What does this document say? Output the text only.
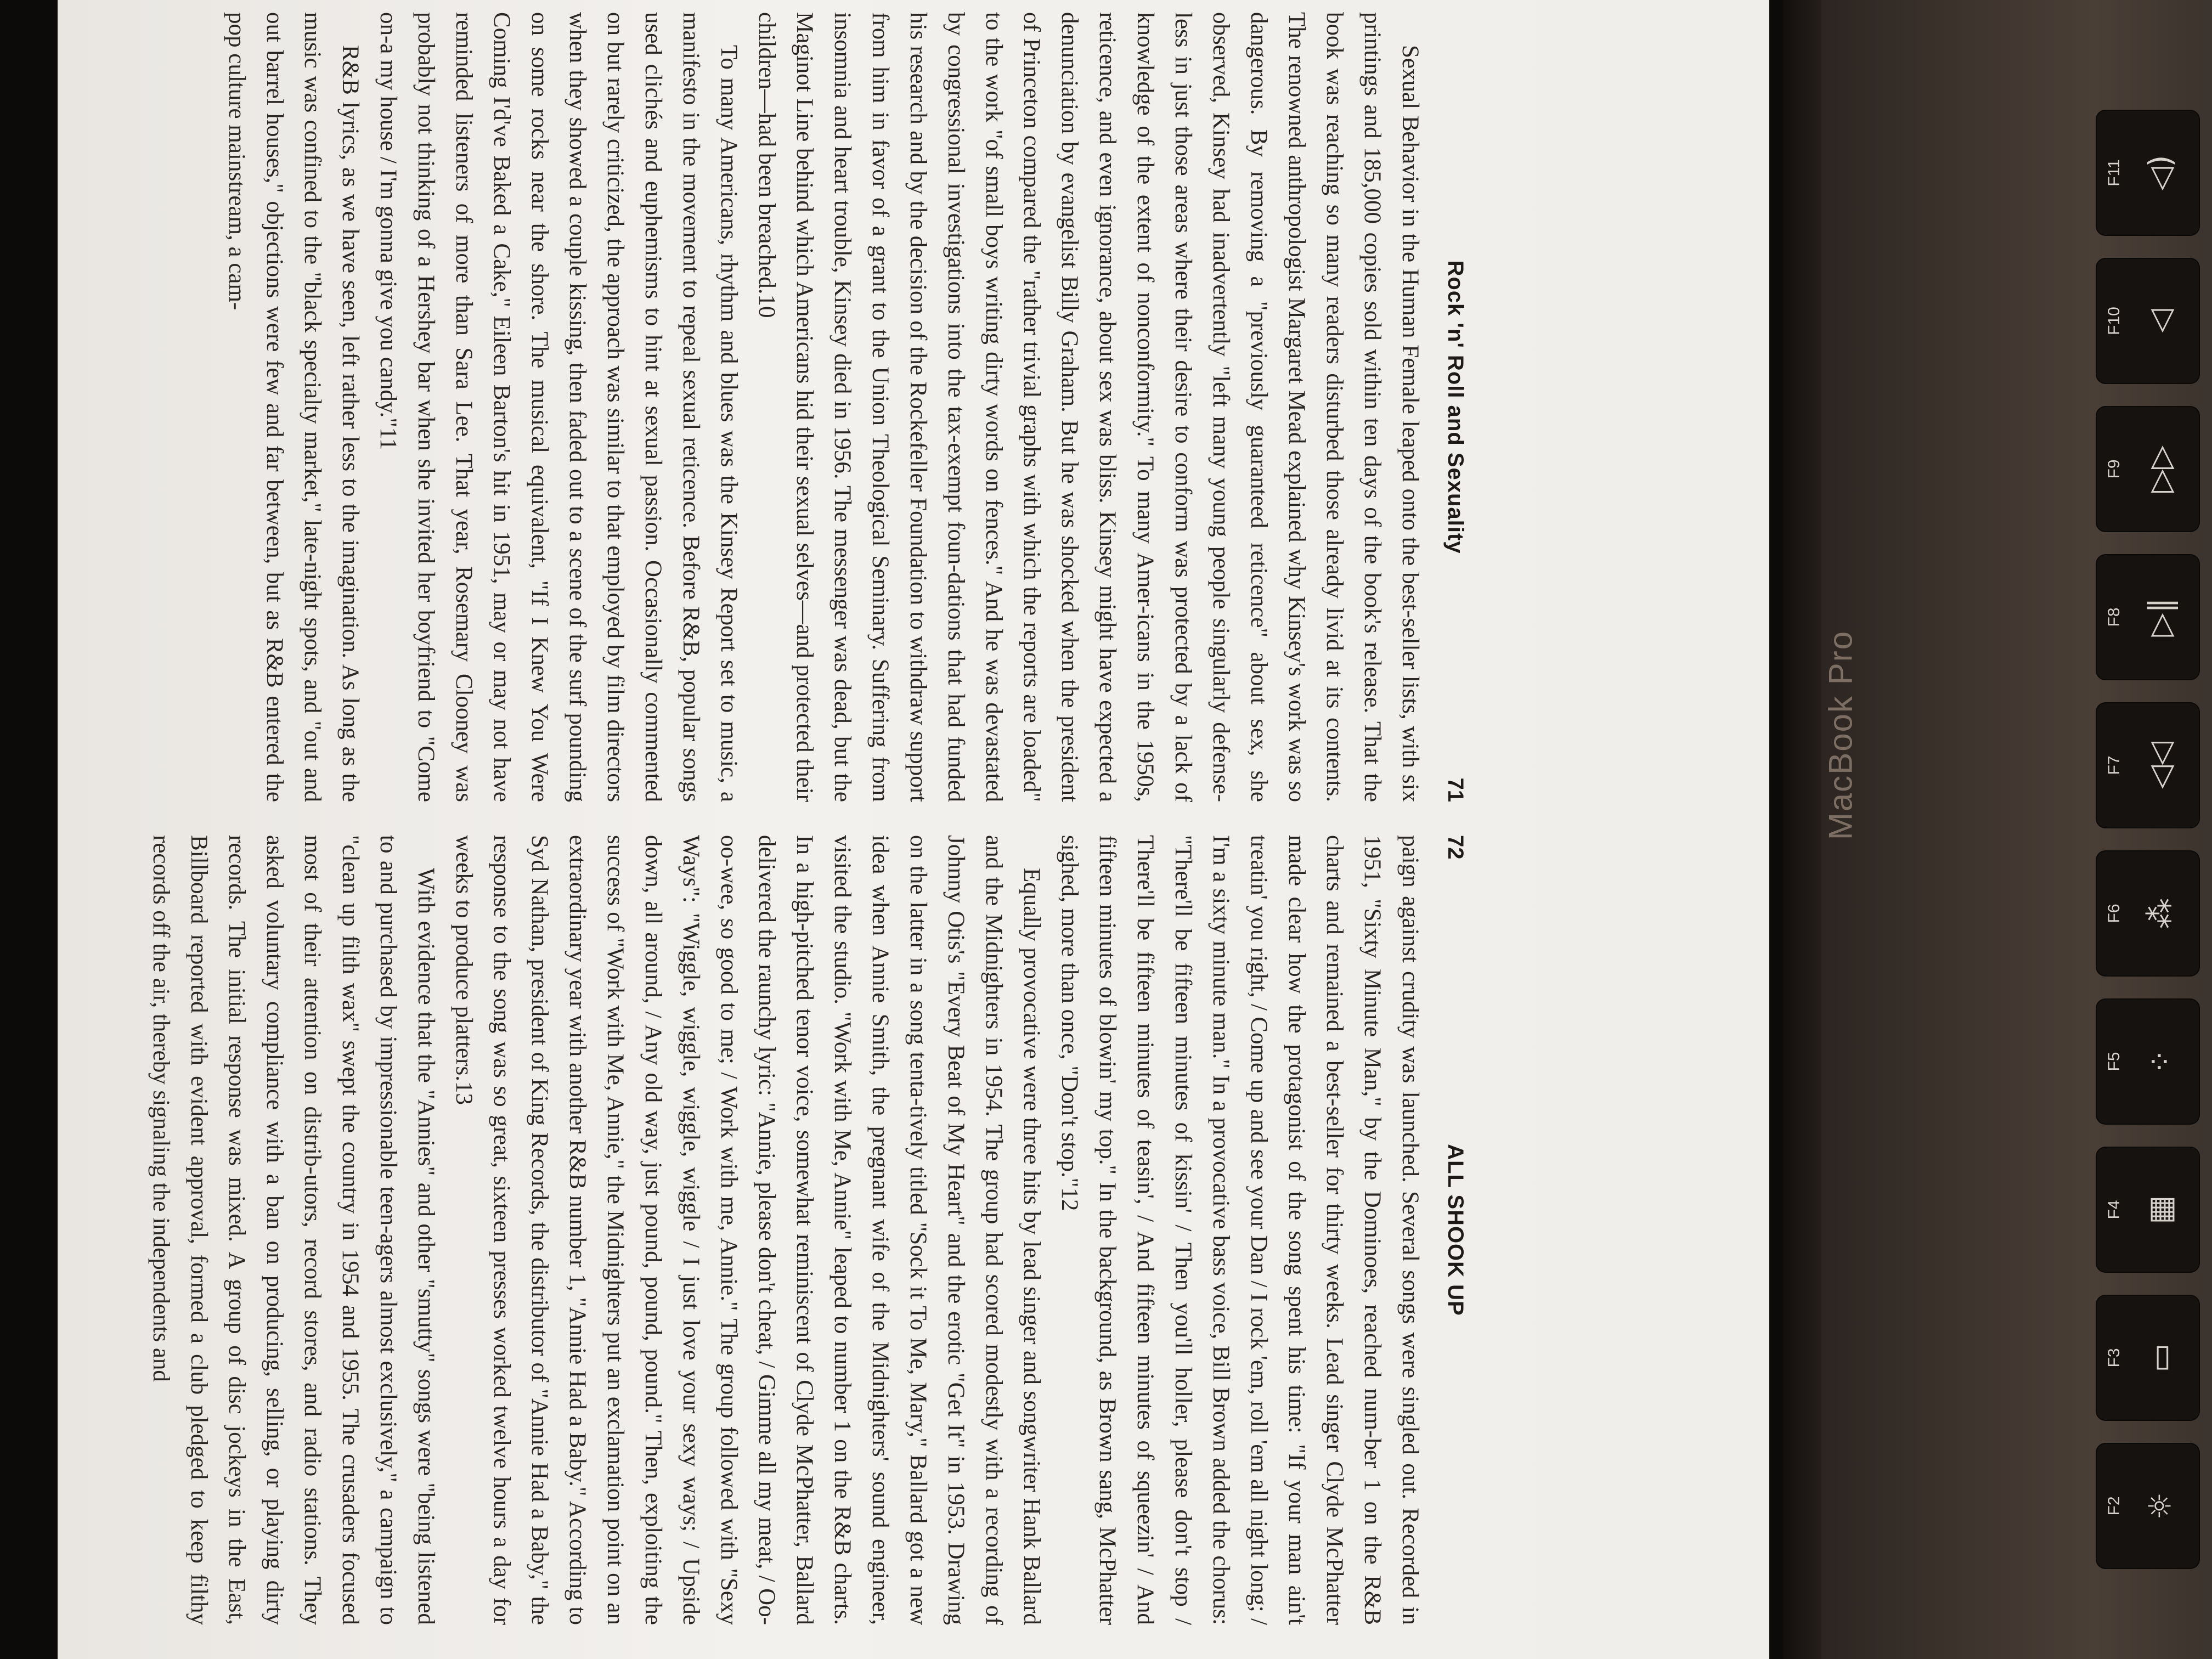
Rock 'n' Roll and Sexuality
71

Sexual Behavior in the Human Female leaped onto the best-seller lists, with six printings and 185,000 copies sold within ten days of the book's release. That the book was reaching so many readers disturbed those already livid at its contents. The renowned anthropologist Margaret Mead explained why Kinsey's work was so dangerous. By removing a "previously guaranteed reticence" about sex, she observed, Kinsey had inadvertently "left many young people singularly defense-less in just those areas where their desire to conform was protected by a lack of knowledge of the extent of nonconformity." To many Amer-icans in the 1950s, reticence, and even ignorance, about sex was bliss. Kinsey might have expected a denunciation by evangelist Billy Graham. But he was shocked when the president of Princeton compared the "rather trivial graphs with which the reports are loaded" to the work "of small boys writing dirty words on fences." And he was devastated by congressional investigations into the tax-exempt foun-dations that had funded his research and by the decision of the Rockefeller Foundation to withdraw support from him in favor of a grant to the Union Theological Seminary. Suffering from insomnia and heart trouble, Kinsey died in 1956. The messenger was dead, but the Maginot Line behind which Americans hid their sexual selves—and protected their children—had been breached.10

To many Americans, rhythm and blues was the Kinsey Report set to music, a manifesto in the movement to repeal sexual reticence. Before R&B, popular songs used clichés and euphemisms to hint at sexual passion. Occasionally commented on but rarely criticized, the approach was similar to that employed by film directors when they showed a couple kissing, then faded out to a scene of the surf pounding on some rocks near the shore. The musical equivalent, "If I Knew You Were Coming I'd've Baked a Cake," Eileen Barton's hit in 1951, may or may not have reminded listeners of more than Sara Lee. That year, Rosemary Clooney was probably not thinking of a Hershey bar when she invited her boyfriend to "Come on-a my house / I'm gonna give you candy."11

R&B lyrics, as we have seen, left rather less to the imagination. As long as the music was confined to the "black specialty market," late-night spots, and "out and out barrel houses," objections were few and far between, but as R&B entered the pop culture mainstream, a cam-

72
ALL SHOOK UP

paign against crudity was launched. Several songs were singled out. Recorded in 1951, "Sixty Minute Man," by the Dominoes, reached num-ber 1 on the R&B charts and remained a best-seller for thirty weeks. Lead singer Clyde McPhatter made clear how the protagonist of the song spent his time: "If your man ain't treatin' you right, / Come up and see your Dan / I rock 'em, roll 'em all night long; / I'm a sixty minute man." In a provocative bass voice, Bill Brown added the chorus: "There'll be fifteen minutes of kissin' / Then you'll holler, please don't stop / There'll be fifteen minutes of teasin', / And fifteen minutes of squeezin' / And fifteen minutes of blowin' my top." In the background, as Brown sang, McPhatter sighed, more than once, "Don't stop."12

Equally provocative were three hits by lead singer and songwriter Hank Ballard and the Midnighters in 1954. The group had scored modestly with a recording of Johnny Otis's "Every Beat of My Heart" and the erotic "Get It" in 1953. Drawing on the latter in a song tenta-tively titled "Sock it To Me, Mary," Ballard got a new idea when Annie Smith, the pregnant wife of the Midnighters' sound engineer, visited the studio. "Work with Me, Annie" leaped to number 1 on the R&B charts. In a high-pitched tenor voice, somewhat reminiscent of Clyde McPhatter, Ballard delivered the raunchy lyric: "Annie, please don't cheat, / Gimme all my meat, / Oo-oo-wee, so good to me; / Work with me, Annie." The group followed with "Sexy Ways": "Wiggle, wiggle, wiggle, wiggle / I just love your sexy ways; / Upside down, all around, / Any old way, just pound, pound, pound." Then, exploiting the success of "Work with Me, Annie," the Midnighters put an exclamation point on an extraordinary year with another R&B number 1, "Annie Had a Baby." According to Syd Nathan, president of King Records, the distributor of "Annie Had a Baby," the response to the song was so great, sixteen presses worked twelve hours a day for weeks to produce platters.13

With evidence that the "Annies" and other "smutty" songs were "being listened to and purchased by impressionable teen-agers almost exclusively," a campaign to "clean up filth wax" swept the country in 1954 and 1955. The crusaders focused most of their attention on distrib-utors, record stores, and radio stations. They asked voluntary compliance with a ban on producing, selling, or playing dirty records. The initial response was mixed. A group of disc jockeys in the East, Billboard reported with evident approval, formed a club pledged to keep filthy records off the air, thereby signaling the independents and

MacBook Pro
☼
F2
▭
F3
▦
F4
⁘
F5
⁂
F6
◁◁
F7
▷‖
F8
▷▷
F9
◁
F10
◁)
F11
